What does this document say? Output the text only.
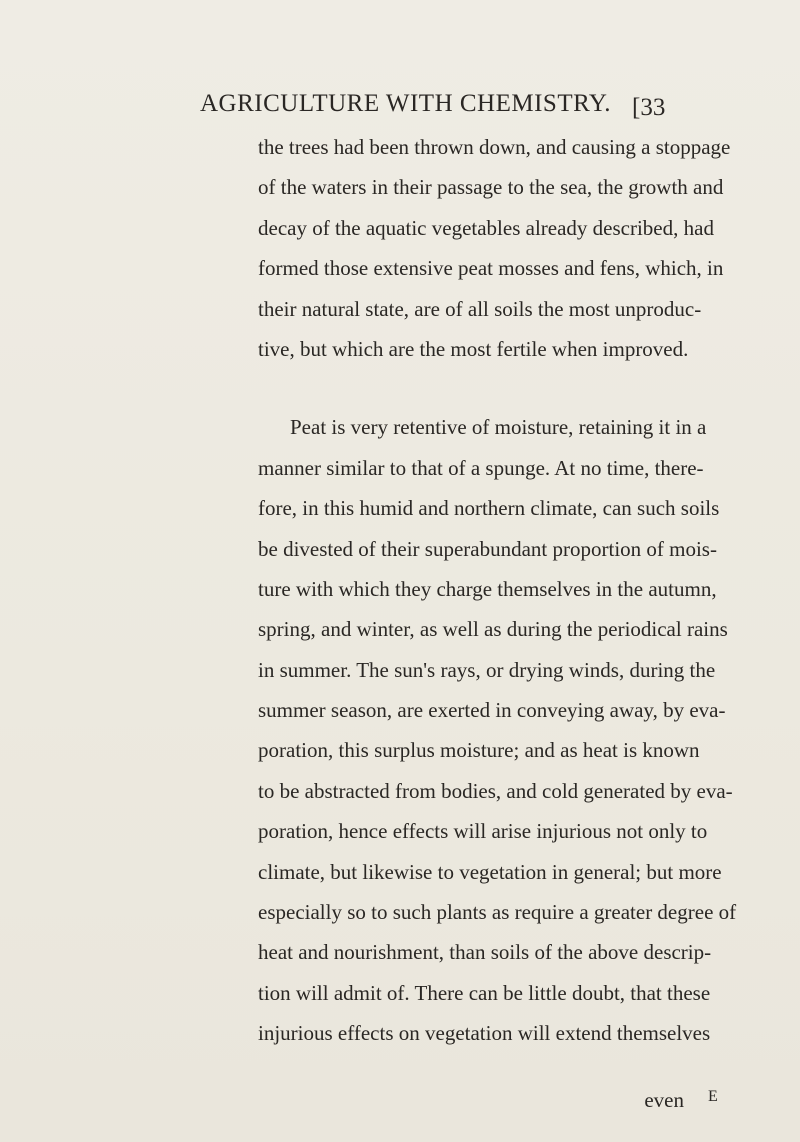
AGRICULTURE WITH CHEMISTRY. [33
the trees had been thrown down, and causing a stoppage
of the waters in their passage to the sea, the growth and
decay of the aquatic vegetables already described, had
formed those extensive peat mosses and fens, which, in
their natural state, are of all soils the most unproduc-
tive, but which are the most fertile when improved.
Peat is very retentive of moisture, retaining it in a
manner similar to that of a spunge. At no time, there-
fore, in this humid and northern climate, can such soils
be divested of their superabundant proportion of mois-
ture with which they charge themselves in the autumn,
spring, and winter, as well as during the periodical rains
in summer. The sun's rays, or drying winds, during the
summer season, are exerted in conveying away, by eva-
poration, this surplus moisture; and as heat is known
to be abstracted from bodies, and cold generated by eva-
poration, hence effects will arise injurious not only to
climate, but likewise to vegetation in general; but more
especially so to such plants as require a greater degree of
heat and nourishment, than soils of the above descrip-
tion will admit of. There can be little doubt, that these
injurious effects on vegetation will extend themselves
E
even
